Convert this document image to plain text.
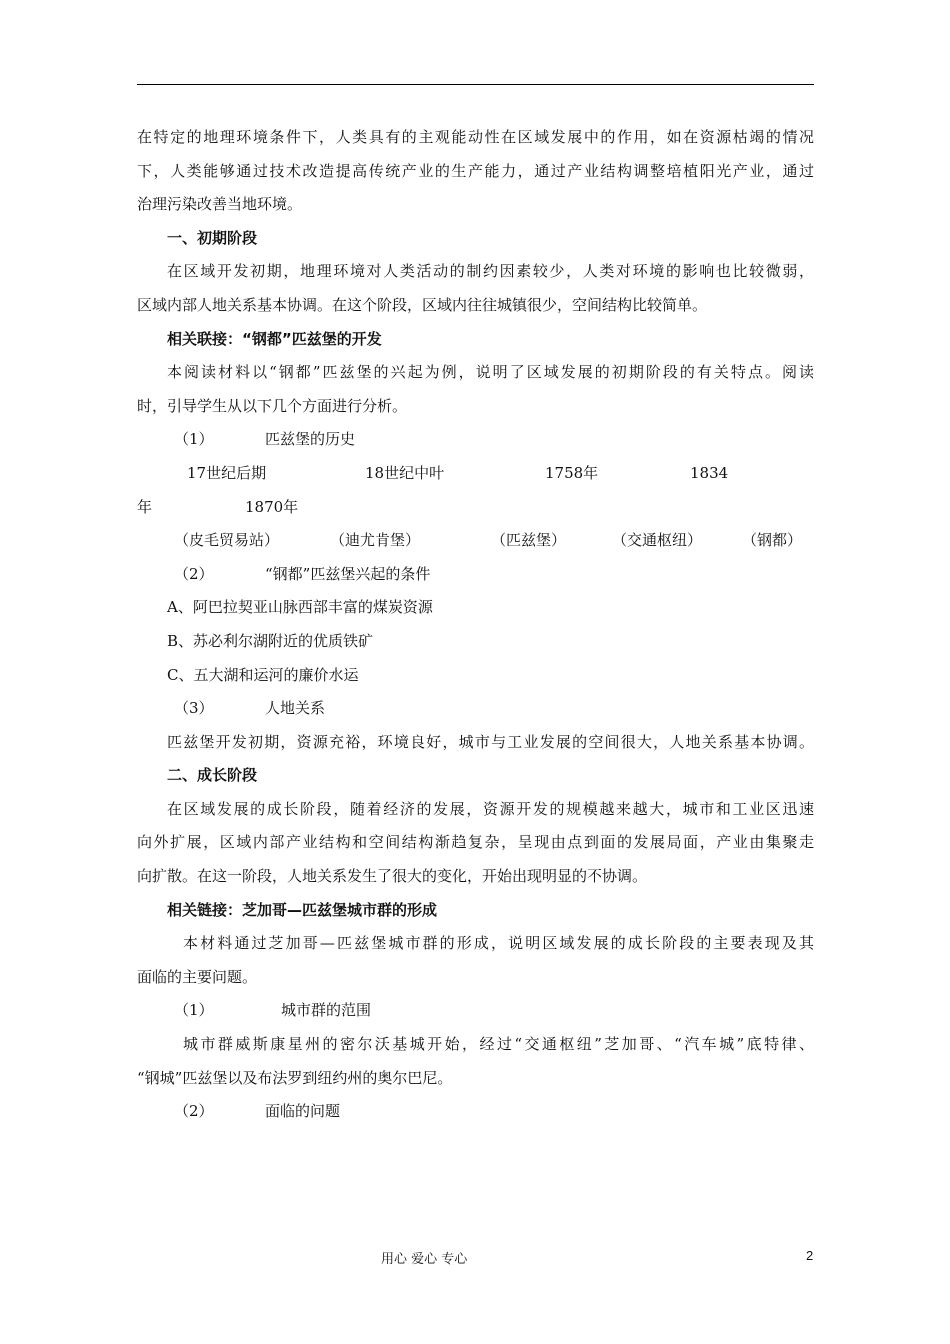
在特定的地理环境条件下，人类具有的主观能动性在区域发展中的作用，如在资源枯竭的情况
下，人类能够通过技术改造提高传统产业的生产能力，通过产业结构调整培植阳光产业，通过
治理污染改善当地环境。
一、初期阶段
在区域开发初期，地理环境对人类活动的制约因素较少，人类对环境的影响也比较微弱，
区域内部人地关系基本协调。在这个阶段，区域内往往城镇很少，空间结构比较简单。
相关联接：“钢都”匹兹堡的开发
本阅读材料以“钢都”匹兹堡的兴起为例，说明了区域发展的初期阶段的有关特点。阅读
时，引导学生从以下几个方面进行分析。
（1）	匹兹堡的历史
17世纪后期	18世纪中叶	1758年	1834
年	1870年
（皮毛贸易站）	（迪尤肯堡）	（匹兹堡）	（交通枢纽）	（钢都）
（2）	“钢都”匹兹堡兴起的条件
A、阿巴拉契亚山脉西部丰富的煤炭资源
B、苏必利尔湖附近的优质铁矿
C、五大湖和运河的廉价水运
（3）	人地关系
匹兹堡开发初期，资源充裕，环境良好，城市与工业发展的空间很大，人地关系基本协调。
二、成长阶段
在区域发展的成长阶段，随着经济的发展，资源开发的规模越来越大，城市和工业区迅速
向外扩展，区域内部产业结构和空间结构渐趋复杂，呈现由点到面的发展局面，产业由集聚走
向扩散。在这一阶段，人地关系发生了很大的变化，开始出现明显的不协调。
相关链接：芝加哥—匹兹堡城市群的形成
本材料通过芝加哥—匹兹堡城市群的形成，说明区域发展的成长阶段的主要表现及其
面临的主要问题。
（1）	城市群的范围
城市群威斯康星州的密尔沃基城开始，经过“交通枢纽”芝加哥、“汽车城”底特律、
“钢城”匹兹堡以及布法罗到纽约州的奥尔巴尼。
（2）	面临的问题
用心 爱心 专心	2
